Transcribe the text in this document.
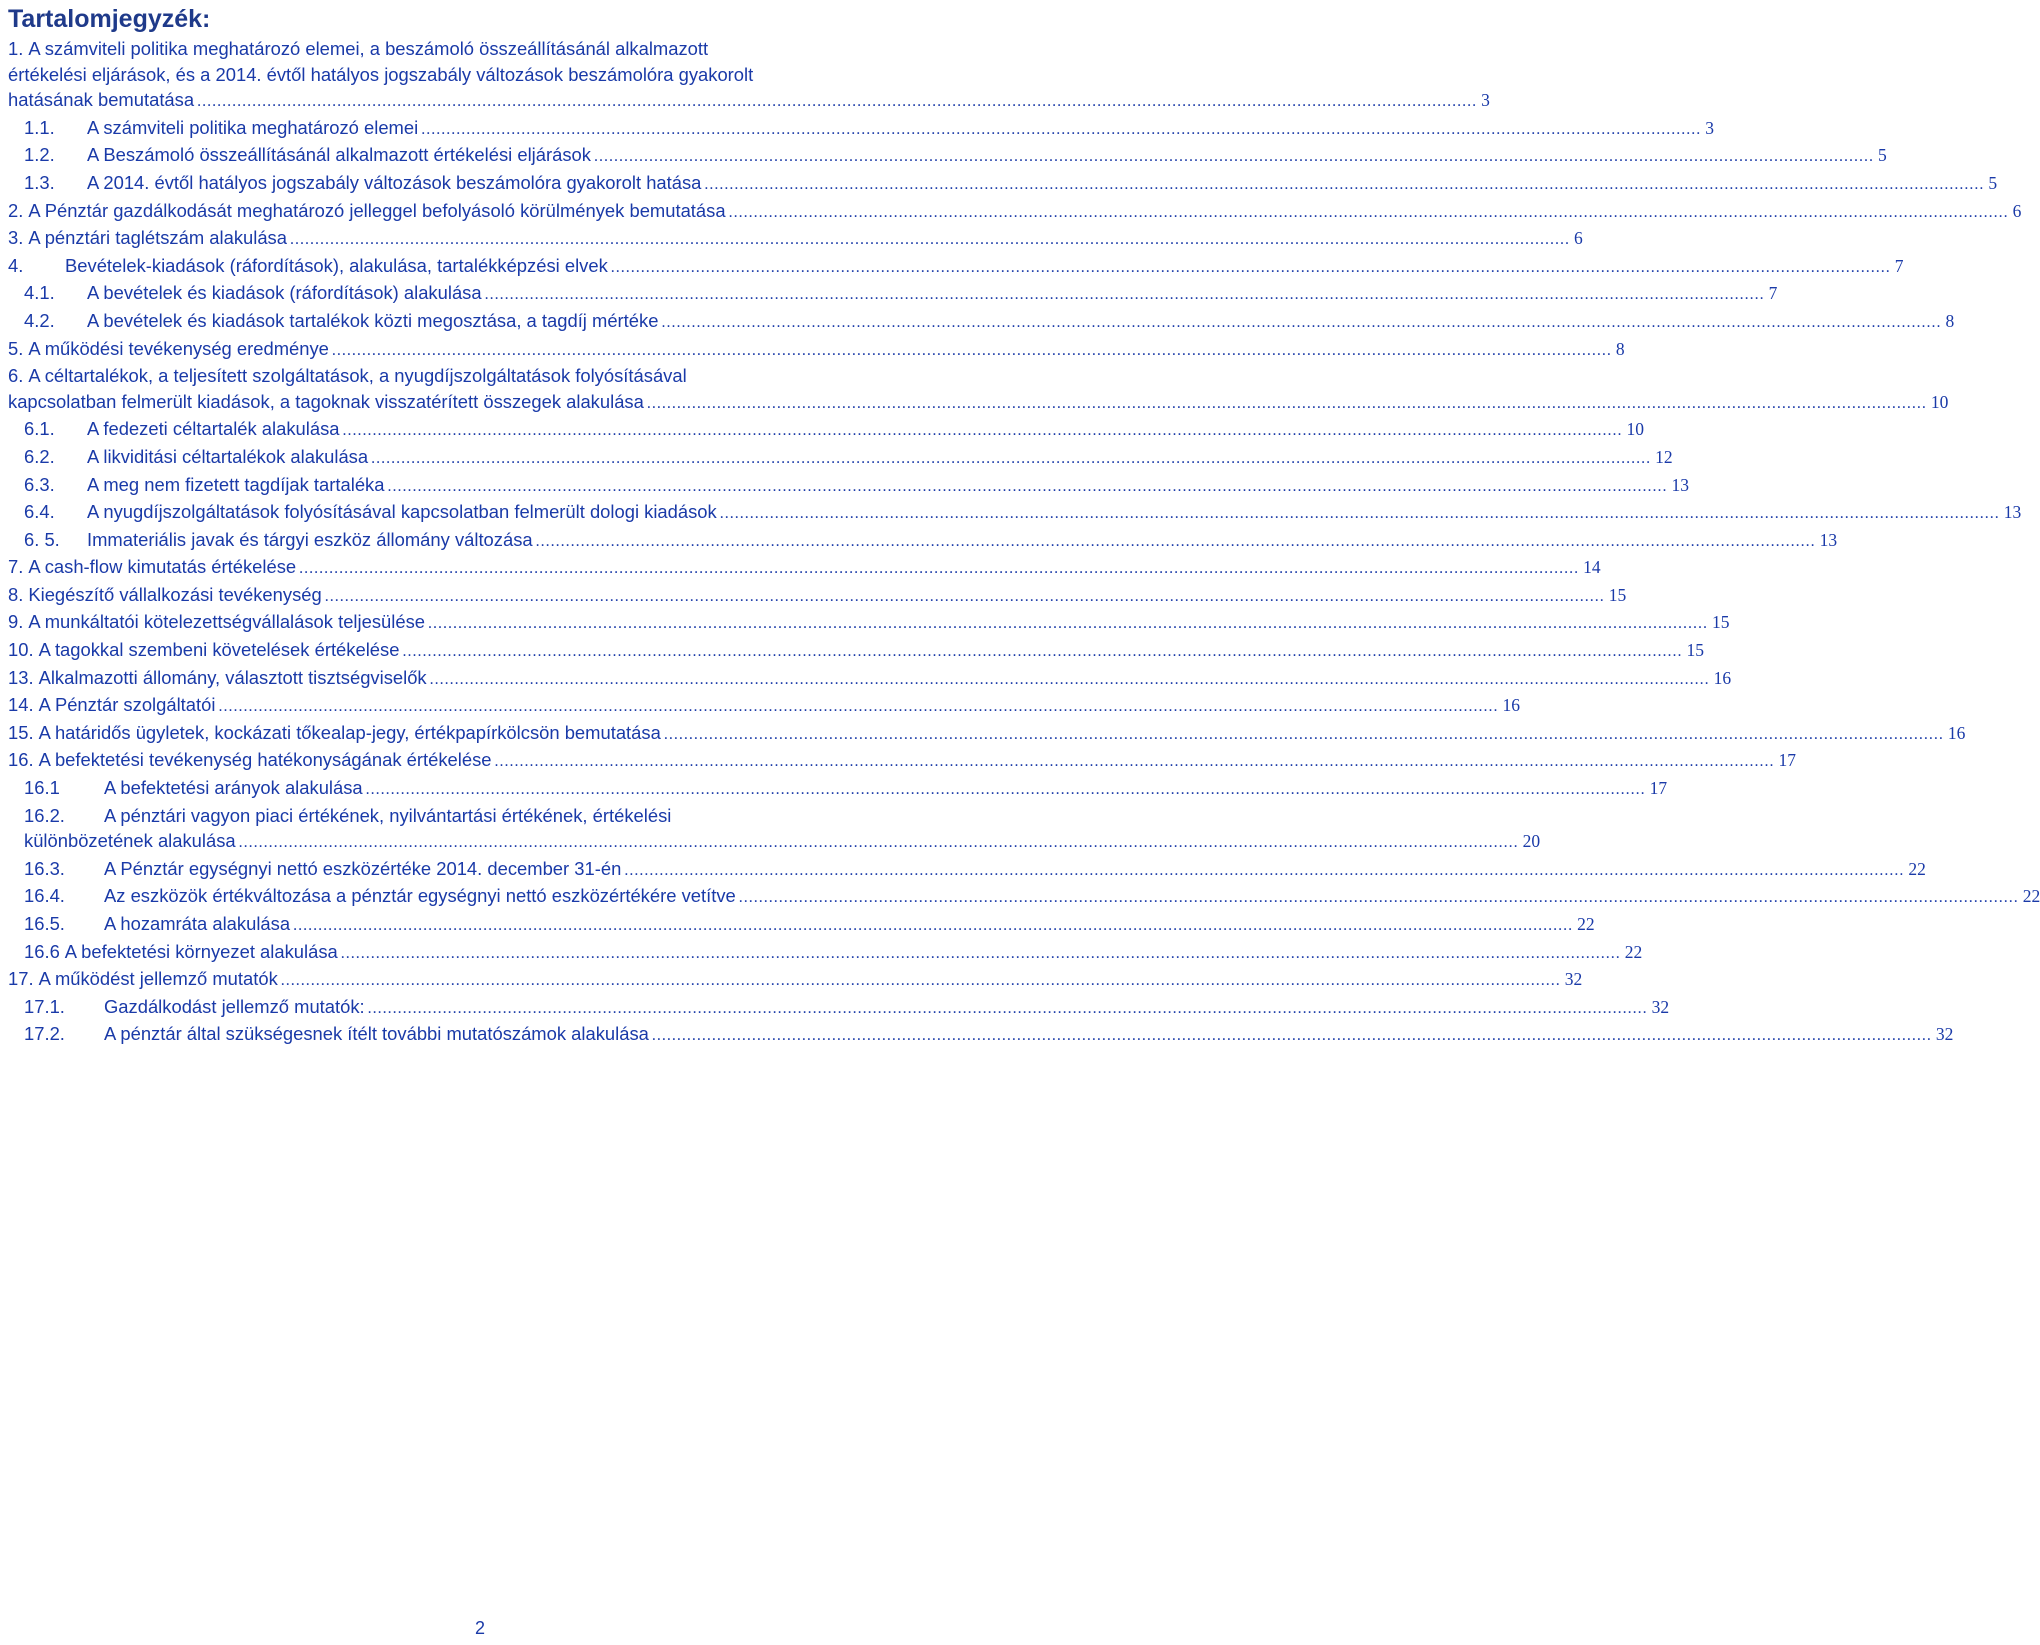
Tartalomjegyzék:
1. A számviteli politika meghatározó elemei, a beszámoló összeállításánál alkalmazott
értékelési eljárások, és a 2014. évtől hatályos jogszabály változások beszámolóra gyakorolt
hatásának bemutatása .....	3
1.1.	A számviteli politika meghatározó elemei .....	3
1.2.	A Beszámoló összeállításánál alkalmazott értékelési eljárások .....	5
1.3.	A 2014. évtől hatályos jogszabály változások beszámolóra gyakorolt hatása .....	5
2. A Pénztár gazdálkodását meghatározó jelleggel befolyásoló körülmények bemutatása .....	6
3. A pénztári taglétszám alakulása .....	6
4.	Bevételek-kiadások (ráfordítások), alakulása, tartalékképzési elvek .....	7
4.1.	A bevételek és kiadások (ráfordítások) alakulása .....	7
4.2.	A bevételek és kiadások tartalékok közti megosztása, a tagdíj mértéke .....	8
5. A működési tevékenység eredménye .....	8
6. A céltartalékok, a teljesített szolgáltatások, a nyugdíjszolgáltatások folyósításával
kapcsolatban felmerült kiadások, a tagoknak visszatérített összegek alakulása .....	10
6.1.	A fedezeti céltartalék alakulása .....	10
6.2.	A likviditási céltartalékok alakulása .....	12
6.3.	A meg nem fizetett tagdíjak tartaléka .....	13
6.4.	A nyugdíjszolgáltatások folyósításával kapcsolatban felmerült dologi kiadások .....	13
6. 5.	Immateriális javak és tárgyi eszköz állomány változása .....	13
7. A cash-flow kimutatás értékelése .....	14
8. Kiegészítő vállalkozási tevékenység .....	15
9. A munkáltatói kötelezettségvállalások teljesülése .....	15
10. A tagokkal szembeni követelések értékelése .....	15
13. Alkalmazotti állomány, választott tisztségviselők .....	16
14. A Pénztár szolgáltatói .....	16
15. A határidős ügyletek, kockázati tőkealap-jegy, értékpapírkölcsön bemutatása .....	16
16. A befektetési tevékenység hatékonyságának értékelése .....	17
16.1	A befektetési arányok alakulása .....	17
16.2. A pénztári vagyon piaci értékének, nyilvántartási értékének, értékelési
különbözetének alakulása .....	20
16.3.	A Pénztár egységnyi nettó eszközértéke 2014. december 31-én .....	22
16.4.	Az eszközök értékváltozása a pénztár egységnyi nettó eszközértékére vetítve .....	22
16.5.	A hozamráta alakulása .....	22
16.6 A befektetési környezet alakulása .....	22
17. A működést jellemző mutatók .....	32
17.1.	Gazdálkodást jellemző mutatók: .....	32
17.2.	A pénztár által szükségesnek ítélt további mutatószámok alakulása .....	32
2
